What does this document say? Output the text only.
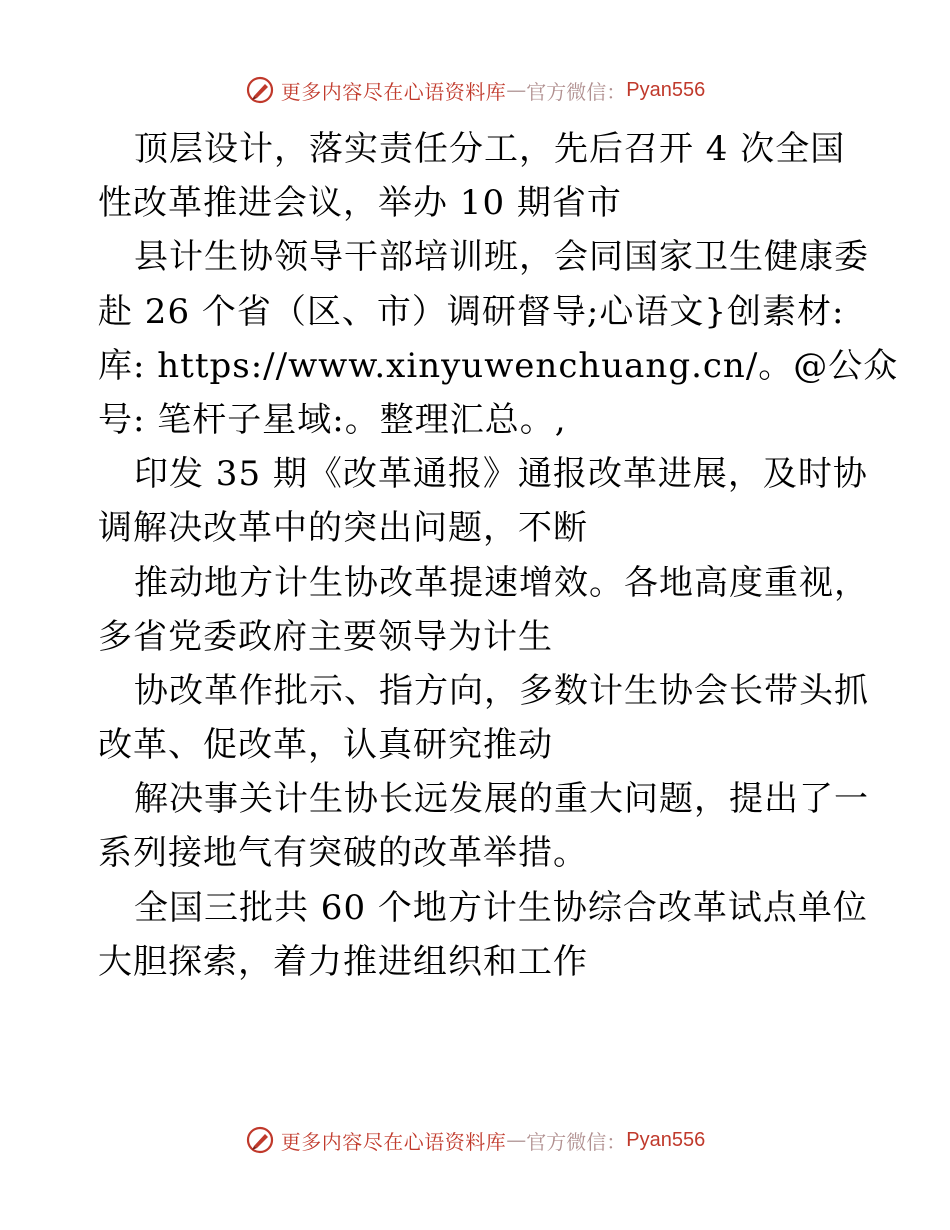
更多内容尽在心语资料库 — 官方微信： Pyan556
顶层设计，落实责任分工，先后召开 4 次全国
性改革推进会议，举办 10 期省市
县计生协领导干部培训班，会同国家卫生健康委
赴 26 个省（区、市）调研督导;心语文}创素材:
库: https://www.xinyuwenchuang.cn/。@公众
号: 笔杆子星域:。整理汇总。,
印发 35 期《改革通报》通报改革进展，及时协
调解决改革中的突出问题，不断
推动地方计生协改革提速增效。各地高度重视，
多省党委政府主要领导为计生
协改革作批示、指方向，多数计生协会长带头抓
改革、促改革，认真研究推动
解决事关计生协长远发展的重大问题，提出了一
系列接地气有突破的改革举措。
全国三批共 60 个地方计生协综合改革试点单位
大胆探索，着力推进组织和工作
更多内容尽在心语资料库 — 官方微信： Pyan556
